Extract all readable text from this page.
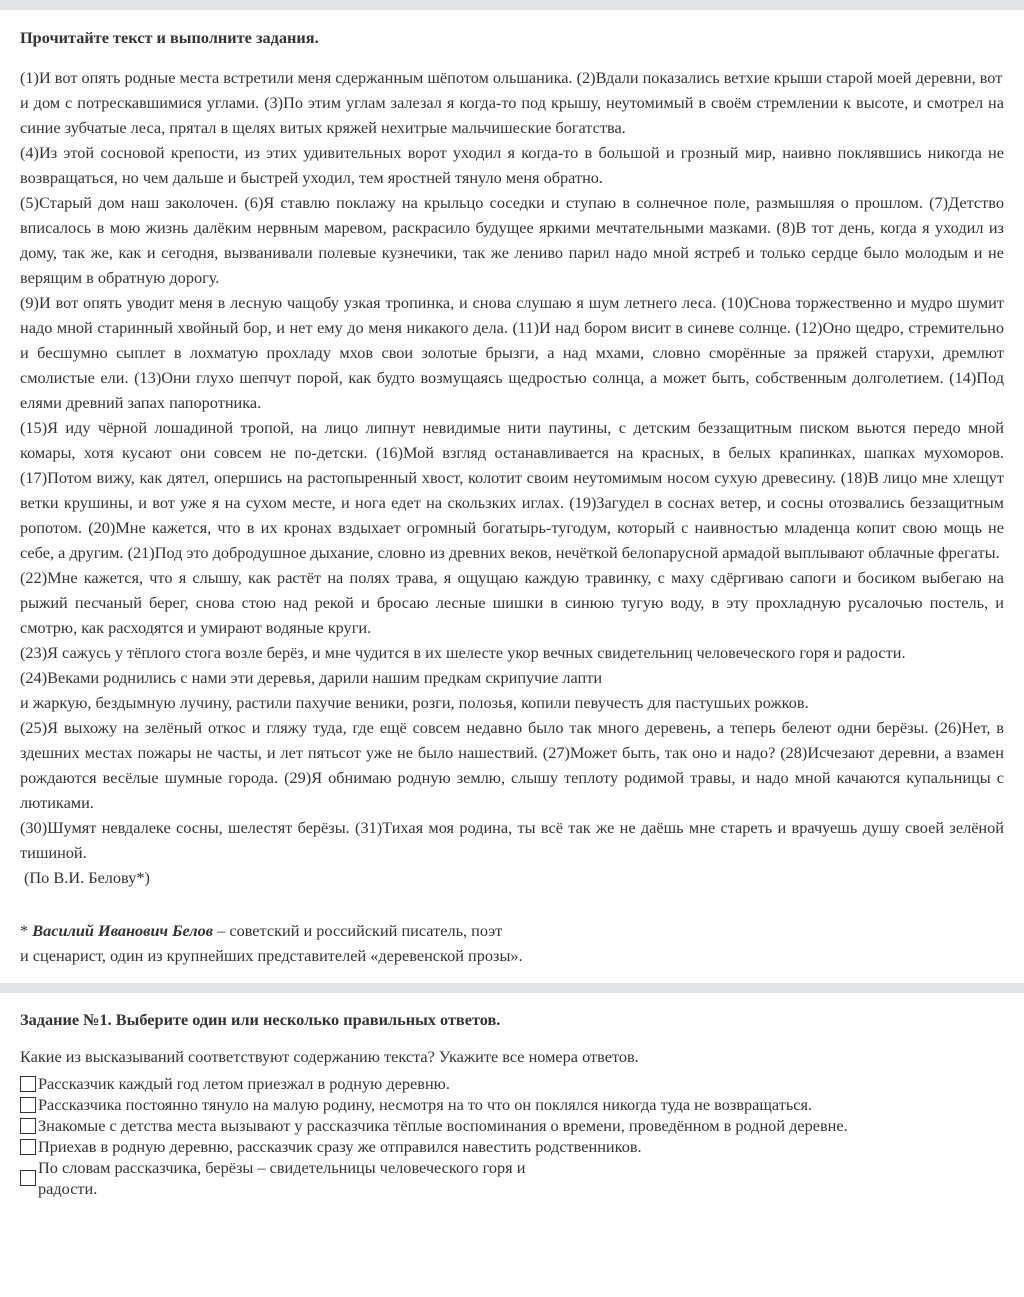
Прочитайте текст и выполните задания.

(1)И вот опять родные места встретили меня сдержанным шёпотом ольшаника. (2)Вдали показались ветхие крыши старой моей деревни, вот

и дом с потрескавшимися углами. (3)По этим углам залезал я когда-то под крышу, неутомимый в своём стремлении к высоте, и смотрел на синие зубчатые леса, прятал в щелях витых кряжей нехитрые мальчишеские богатства.

(4)Из этой сосновой крепости, из этих удивительных ворот уходил я когда-то в большой и грозный мир, наивно поклявшись никогда не возвращаться, но чем дальше и быстрей уходил, тем яростней тянуло меня обратно.

(5)Старый дом наш заколочен. (6)Я ставлю поклажу на крыльцо соседки и ступаю в солнечное поле, размышляя о прошлом. (7)Детство вписалось в мою жизнь далёким нервным маревом, раскрасило будущее яркими мечтательными мазками. (8)В тот день, когда я уходил из дому, так же, как и сегодня, вызванивали полевые кузнечики, так же лениво парил надо мной ястреб и только сердце было молодым и не верящим в обратную дорогу.

(9)И вот опять уводит меня в лесную чащобу узкая тропинка, и снова слушаю я шум летнего леса. (10)Снова торжественно и мудро шумит надо мной старинный хвойный бор, и нет ему до меня никакого дела. (11)И над бором висит в синеве солнце. (12)Оно щедро, стремительно и бесшумно сыплет в лохматую прохладу мхов свои золотые брызги, а над мхами, словно сморённые за пряжей старухи, дремлют смолистые ели. (13)Они глухо шепчут порой, как будто возмущаясь щедростью солнца, а может быть, собственным долголетием. (14)Под елями древний запах папоротника.

(15)Я иду чёрной лошадиной тропой, на лицо липнут невидимые нити паутины, с детским беззащитным писком вьются передо мной комары, хотя кусают они совсем не по-детски. (16)Мой взгляд останавливается на красных, в белых крапинках, шапках мухоморов. (17)Потом вижу, как дятел, опершись на растопыренный хвост, колотит своим неутомимым носом сухую древесину. (18)В лицо мне хлещут ветки крушины, и вот уже я на сухом месте, и нога едет на скользких иглах. (19)Загудел в соснах ветер, и сосны отозвались беззащитным ропотом. (20)Мне кажется, что в их кронах вздыхает огромный богатырь-тугодум, который с наивностью младенца копит свою мощь не себе, а другим. (21)Под это добродушное дыхание, словно из древних веков, нечёткой белопарусной армадой выплывают облачные фрегаты.

(22)Мне кажется, что я слышу, как растёт на полях трава, я ощущаю каждую травинку, с маху сдёргиваю сапоги и босиком выбегаю на рыжий песчаный берег, снова стою над рекой и бросаю лесные шишки в синюю тугую воду, в эту прохладную русалочью постель, и смотрю, как расходятся и умирают водяные круги.

(23)Я сажусь у тёплого стога возле берёз, и мне чудится в их шелесте укор вечных свидетельниц человеческого горя и радости.

(24)Веками роднились с нами эти деревья, дарили нашим предкам скрипучие лапти

и жаркую, бездымную лучину, растили пахучие веники, розги, полозья, копили певучесть для пастушьих рожков.

(25)Я выхожу на зелёный откос и гляжу туда, где ещё совсем недавно было так много деревень, а теперь белеют одни берёзы. (26)Нет, в здешних местах пожары не часты, и лет пятьсот уже не было нашествий. (27)Может быть, так оно и надо? (28)Исчезают деревни, а взамен рождаются весёлые шумные города. (29)Я обнимаю родную землю, слышу теплоту родимой травы, и надо мной качаются купальницы с лютиками.

(30)Шумят невдалеке сосны, шелестят берёзы. (31)Тихая моя родина, ты всё так же не даёшь мне стареть и врачуешь душу своей зелёной тишиной.

(По В.И. Белову*)

* Василий Иванович Белов – советский и российский писатель, поэт
и сценарист, один из крупнейших представителей «деревенской прозы».
Задание №1. Выберите один или несколько правильных ответов.
Какие из высказываний соответствуют содержанию текста? Укажите все номера ответов.
Рассказчик каждый год летом приезжал в родную деревню.
Рассказчика постоянно тянуло на малую родину, несмотря на то что он поклялся никогда туда не возвращаться.
Знакомые с детства места вызывают у рассказчика тёплые воспоминания о времени, проведённом в родной деревне.
Приехав в родную деревню, рассказчик сразу же отправился навестить родственников.
По словам рассказчика, берёзы – свидетельницы человеческого горя и радости.
